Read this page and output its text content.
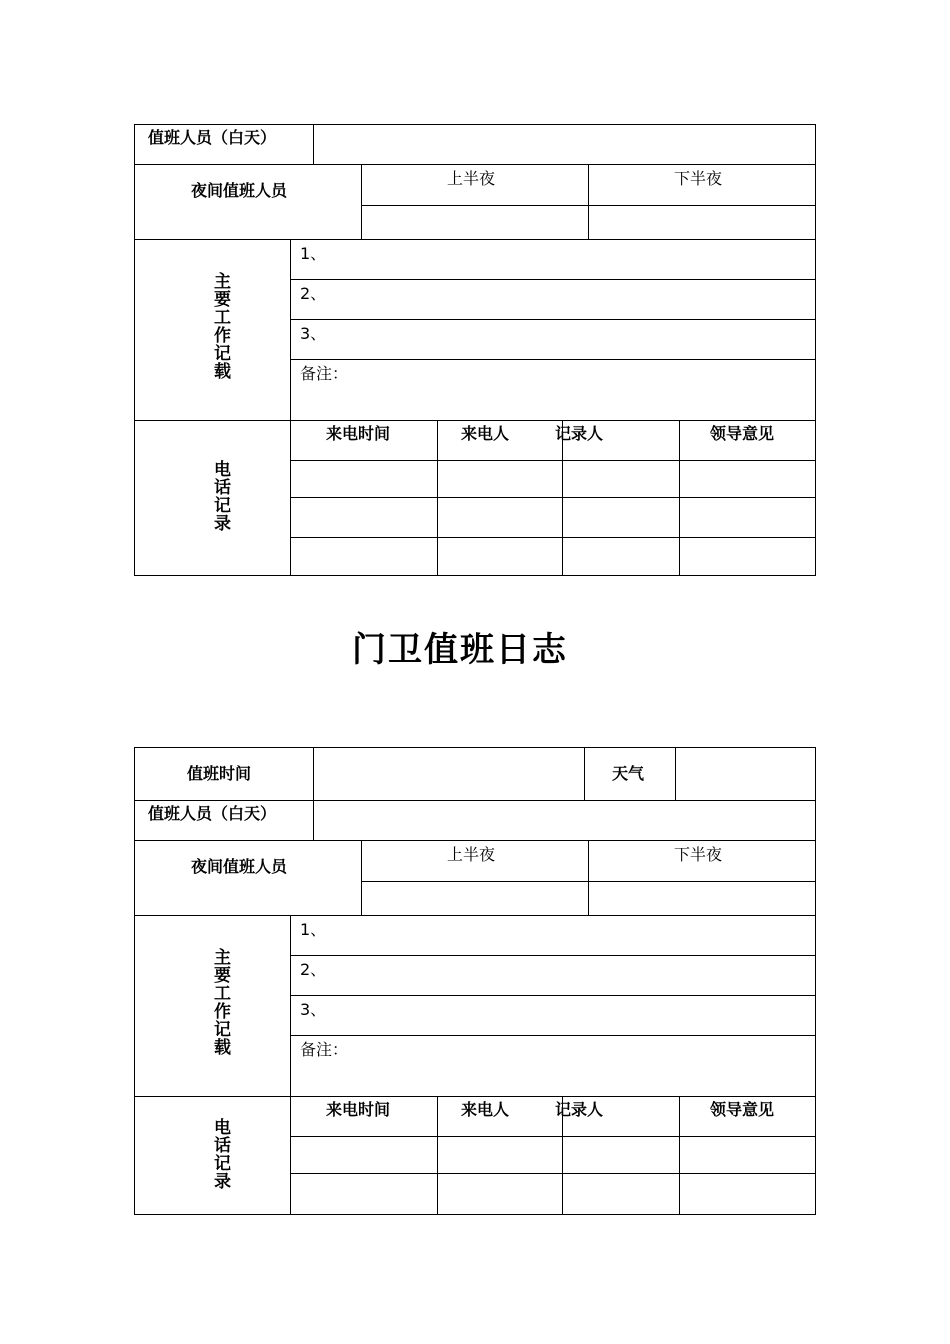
值班人员（白天）
夜间值班人员
上半夜	下半夜
主要工作记载
1、
2、
3、
备注：
电话记录
来电时间	来电人	记录人	领导意见
门卫值班日志
值班时间	天气
值班人员（白天）
夜间值班人员
上半夜	下半夜
主要工作记载
1、
2、
3、
备注：
电话记录
来电时间	来电人	记录人	领导意见
